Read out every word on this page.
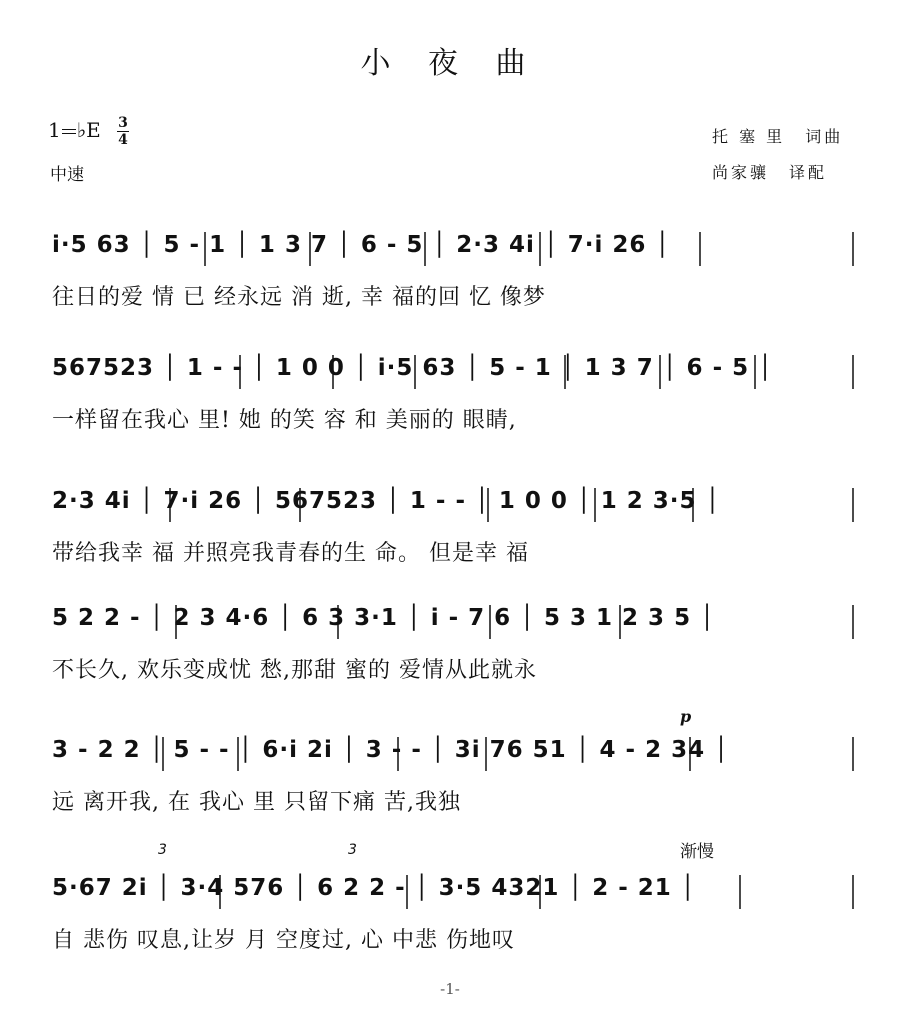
小 夜 曲
1 ♭E 3
4
中速
托 塞 里 词曲
尚家骧 译配
i·5 63 │ 5 - 1 │ 1 3 7 │ 6 - 5 │ 2·3 4i │ 7·i 26 │
往日的爱 情 已 经永远 消 逝, 幸 福的回 忆 像梦
567523 │ 1 - - │ 1 0 0 │ i·5 63 │ 5 - 1 │ 1 3 7 │ 6 - 5 │
一样留在我心 里! 她 的笑 容 和 美丽的 眼睛,
2·3 4i │ 7·i 26 │ 567523 │ 1 - - │ 1 0 0 │ 1 2 3·5 │
带给我幸 福 并照亮我青春的生 命。 但是幸 福
5 2 2 - │ 2 3 4·6 │ 6 3 3·1 │ i - 7 6 │ 5 3 1 2 3 5 │
不长久, 欢乐变成忧 愁,那甜 蜜的 爱情从此就永
p
3 - 2 2 │ 5 - - │ 6·i 2i │ 3 - - │ 3i 76 51 │ 4 - 2 34 │
远 离开我, 在 我心 里 只留下痛 苦,我独
渐慢
3	3
5·67 2i │ 3·4 576 │ 6 2 2 - │ 3·5 4321 │ 2 - 21 │
自 悲伤 叹息,让岁 月 空度过, 心 中悲 伤地叹
-1-
